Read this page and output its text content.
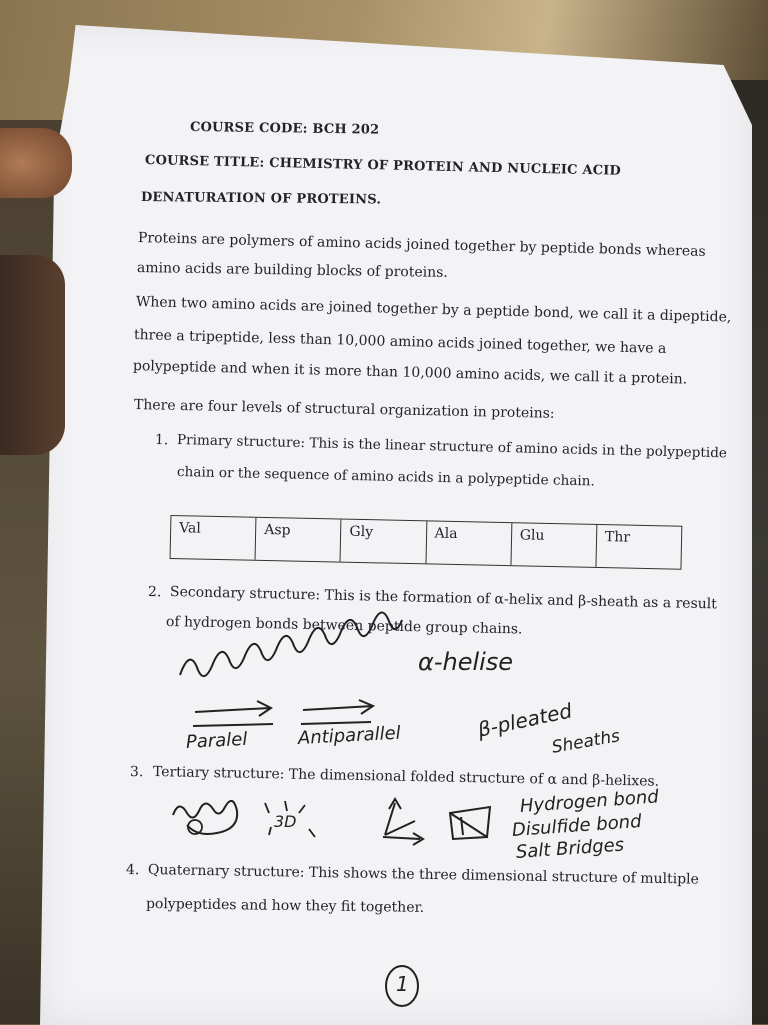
COURSE CODE: BCH 202
COURSE TITLE: CHEMISTRY OF PROTEIN AND NUCLEIC ACID
DENATURATION OF PROTEINS.
Proteins are polymers of amino acids joined together by peptide bonds whereas
amino acids are building blocks of proteins.
When two amino acids are joined together by a peptide bond, we call it a dipeptide,
three a tripeptide, less than 10,000 amino acids joined together, we have a
polypeptide and when it is more than 10,000 amino acids, we call it a protein.
There are four levels of structural organization in proteins:
1. Primary structure: This is the linear structure of amino acids in the polypeptide
chain or the sequence of amino acids in a polypeptide chain.
Val	Asp	Gly	Ala	Glu	Thr
2. Secondary structure: This is the formation of α-helix and β-sheath as a result
of hydrogen bonds between peptide group chains.
α-helise
Paralel	Antiparallel	β-pleated
Sheaths
3. Tertiary structure: The dimensional folded structure of α and β-helixes.
3D
Hydrogen bond
Disulfide bond
Salt Bridges
4. Quaternary structure: This shows the three dimensional structure of multiple
polypeptides and how they fit together.
1
